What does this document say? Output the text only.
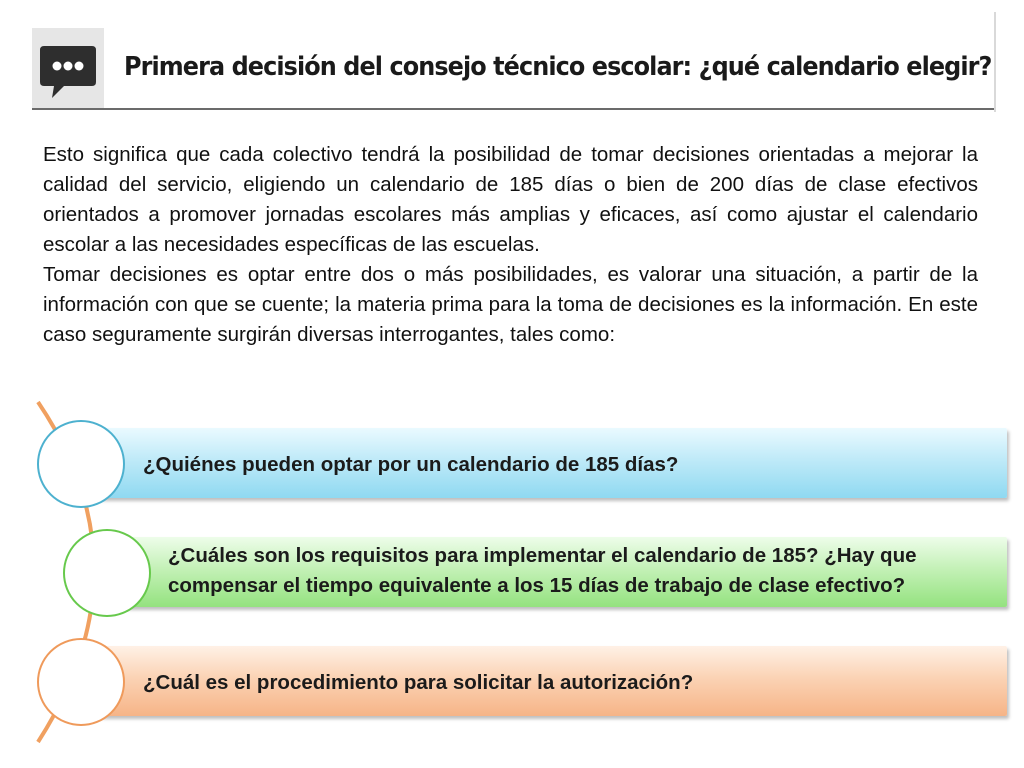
Primera decisión del consejo técnico escolar: ¿qué calendario elegir?

Esto significa que cada colectivo tendrá la posibilidad de tomar decisiones orientadas a mejorar la calidad del servicio, eligiendo un calendario de 185 días o bien de 200 días de clase efectivos orientados a promover jornadas escolares más amplias y eficaces, así como ajustar el calendario escolar a las necesidades específicas de las escuelas.

Tomar decisiones es optar entre dos o más posibilidades, es valorar una situación, a partir de la información con que se cuente; la materia prima para la toma de decisiones es la información. En este caso seguramente surgirán diversas interrogantes, tales como:

¿Quiénes pueden optar por un calendario de 185 días?
¿Cuáles son los requisitos para implementar el calendario de 185? ¿Hay que compensar el tiempo equivalente a los 15 días de trabajo de clase efectivo?
¿Cuál es el procedimiento para solicitar la autorización?
